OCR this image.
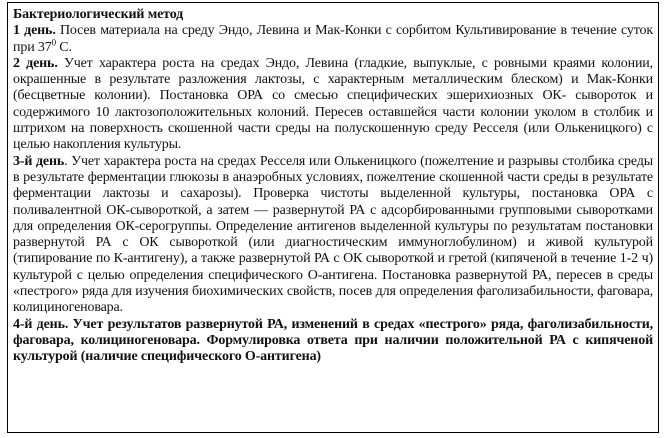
Бактериологический метод

1 день. Посев материала на среду Эндо, Левина и Мак-Конки с сорбитом Культивирование в течение суток при $37^0$ С.

2 день. Учет характера роста на средах Эндо, Левина (гладкие, выпуклые, с ровными краями колонии, окрашенные в результате разложения лактозы, с характерным металлическим блеском) и Мак-Конки (бесцветные колонии). Постановка ОРА со смесью специфических эшерихиозных ОК- сывороток и содержимого 10 лактозоположительных колоний. Пересев оставшейся части колонии уколом в столбик и штрихом на поверхность скошенной части среды на полускошенную среду Ресселя (или Олькеницкого) с целью накопления культуры.

3-й день. Учет характера роста на средах Ресселя или Олькеницкого (пожелтение и разрывы столбика среды в результате ферментации глюкозы в анаэробных условиях, пожелтение скошенной части среды в результате ферментации лактозы и сахарозы). Проверка чистоты выделенной культуры, постановка ОРА с поливалентной ОК-сывороткой, а затем — развернутой РА с адсорбированными групповыми сыворотками для определения ОК-серогруппы. Определение антигенов выделенной культуры по результатам постановки развернутой РА с ОК сывороткой (или диагностическим иммуноглобулином) и живой культурой (типирование по К-антигену), а также развернутой РА с ОК сывороткой и гретой (кипяченой в течение 1-2 ч) культурой с целью определения специфического О-антигена. Постановка развернутой РА, пересев в среды «пестрого» ряда для изучения биохимических свойств, посев для определения фаголизабильности, фаговара, колициногеновара.

4-й день. Учет результатов развернутой РА, изменений в средах «пестрого» ряда, фаголизабильности, фаговара, колициногеновара. Формулировка ответа при наличии положительной РА с кипяченой культурой (наличие специфического О-антигена)
